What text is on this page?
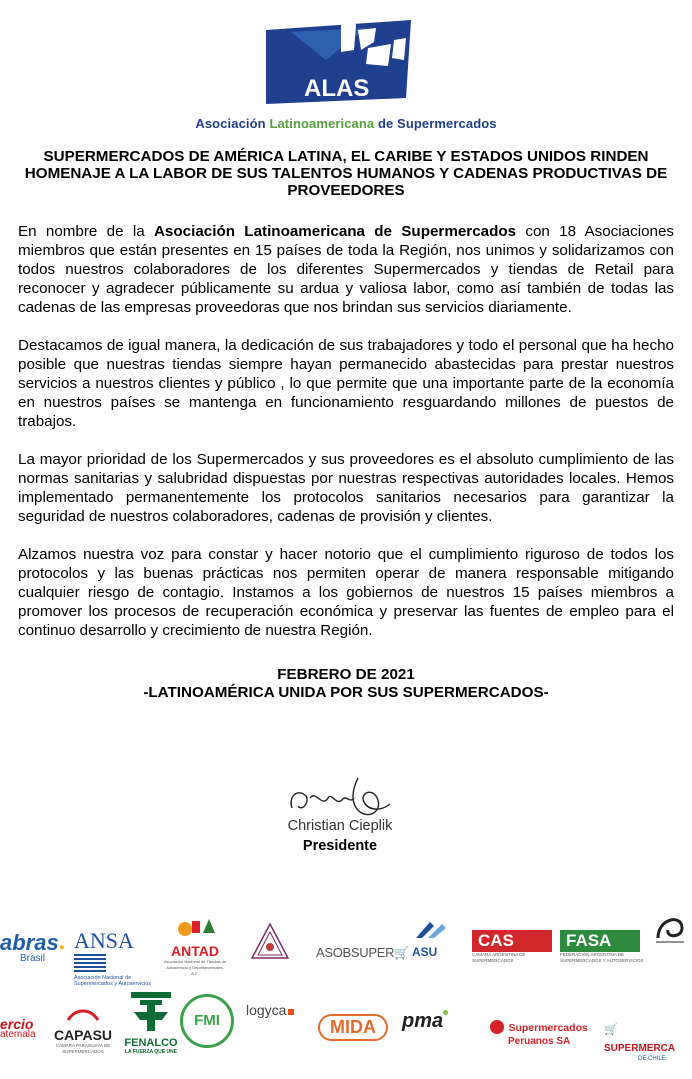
ALAS
Asociación Latinoamericana de Supermercados
SUPERMERCADOS DE AMÉRICA LATINA, EL CARIBE Y ESTADOS UNIDOS RINDEN HOMENAJE A LA LABOR DE SUS TALENTOS HUMANOS Y CADENAS PRODUCTIVAS DE PROVEEDORES

En nombre de la Asociación Latinoamericana de Supermercados con 18 Asociaciones miembros que están presentes en 15 países de toda la Región, nos unimos y solidarizamos con todos nuestros colaboradores de los diferentes Supermercados y tiendas de Retail para reconocer y agradecer públicamente su ardua y valiosa labor, como así también de todas las cadenas de las empresas proveedoras que nos brindan sus servicios diariamente.

Destacamos de igual manera, la dedicación de sus trabajadores y todo el personal que ha hecho posible que nuestras tiendas siempre hayan permanecido abastecidas para prestar nuestros servicios a nuestros clientes y público , lo que permite que una importante parte de la economía en nuestros países se mantenga en funcionamiento resguardando millones de puestos de trabajos.

La mayor prioridad de los Supermercados y sus proveedores es el absoluto cumplimiento de las normas sanitarias y salubridad dispuestas por nuestras respectivas autoridades locales. Hemos implementado permanentemente los protocolos sanitarios necesarios para garantizar la seguridad de nuestros colaboradores, cadenas de provisión y clientes.

Alzamos nuestra voz para constar y hacer notorio que el cumplimiento riguroso de todos los protocolos y las buenas prácticas nos permiten operar de manera responsable mitigando cualquier riesgo de contagio. Instamos a los gobiernos de nuestros 15 países miembros a promover los procesos de recuperación económica y preservar las fuentes de empleo para el continuo desarrollo y crecimiento de nuestra Región.

FEBRERO DE 2021
-LATINOAMÉRICA UNIDA POR SUS SUPERMERCADOS-
Christian Cieplik
Presidente
abras●
Brasil
ANSA
Asociación Nacional de Supermercados y Autoservicios
ANTAD
Asociación Nacional de Tiendas de Autoservicio y Departamentales, A.C.
ASOBSUPER🛒 ASU
CAS
CÁMARA ARGENTINA DE SUPERMERCADOS
FASA
FEDERACIÓN ARGENTINA DE SUPERMERCADOS Y AUTOSERVICIOS
ercio
atemala	CAPASU
CÁMARA PARAGUAYA DE SUPERMERCADOS
FENALCO
LA FUERZA QUE UNE
FMI
logyca
MIDA	pma	Supermercados
Peruanos SA
🛒 SUPERMERCA
DE CHILE
